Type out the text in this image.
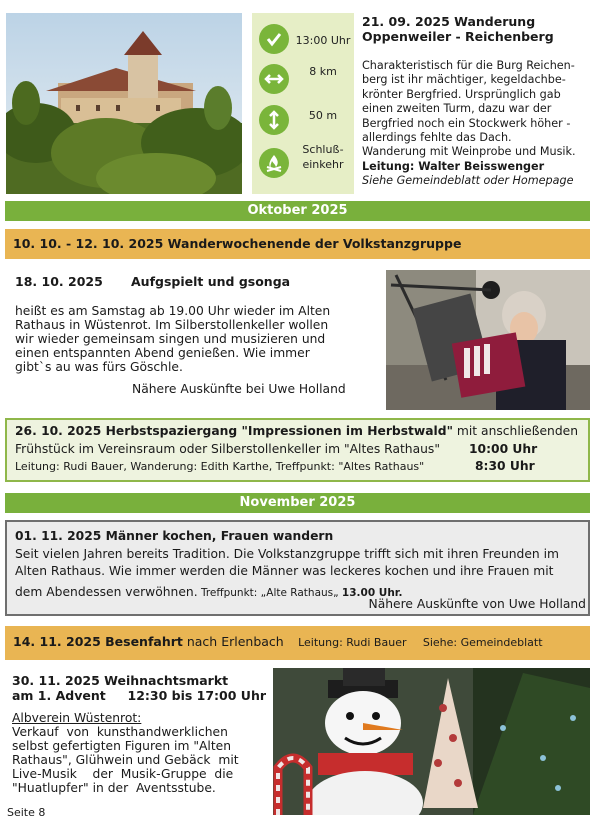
13:00 Uhr
8 km
50 m
Schluß-
einkehr
21. 09. 2025 Wanderung
Oppenweiler - Reichenberg
Charakteristisch für die Burg Reichen-
berg ist ihr mächtiger, kegeldachbe-
krönter Bergfried. Ursprünglich gab
einen zweiten Turm, dazu war der
Bergfried noch ein Stockwerk höher -
allerdings fehlte das Dach.
Wanderung mit Weinprobe und Musik.
Leitung: Walter Beisswenger
Siehe Gemeindeblatt oder Homepage
Oktober 2025
10. 10. - 12. 10. 2025 Wanderwochenende der Volkstanzgruppe
18. 10. 2025 Aufgspielt und gsonga
heißt es am Samstag ab 19.00 Uhr wieder im Alten
Rathaus in Wüstenrot. Im Silberstollenkeller wollen
wir wieder gemeinsam singen und musizieren und
einen entspannten Abend genießen. Wie immer
gibt`s au was fürs Göschle.
Nähere Auskünfte bei Uwe Holland
26. 10. 2025 Herbstspaziergang "Impressionen im Herbstwald" mit anschließenden
Frühstück im Vereinsraum oder Silberstollenkeller im "Altes Rathaus" 10:00 Uhr
Leitung: Rudi Bauer, Wanderung: Edith Karthe, Treffpunkt: "Altes Rathaus"	8:30 Uhr
November 2025
01. 11. 2025 Männer kochen, Frauen wandern
Seit vielen Jahren bereits Tradition. Die Volkstanzgruppe trifft sich mit ihren Freunden im
Alten Rathaus. Wie immer werden die Männer was leckeres kochen und ihre Frauen mit
dem Abendessen verwöhnen. Treffpunkt: „Alte Rathaus„ 13.00 Uhr.
Nähere Auskünfte von Uwe Holland
14. 11. 2025 Besenfahrt nach Erlenbach Leitung: Rudi Bauer Siehe: Gemeindeblatt
30. 11. 2025 Weihnachtsmarkt
am 1. Advent     12:30 bis 17:00 Uhr
Albverein Wüstenrot:
Verkauf  von  kunsthandwerklichen
selbst gefertigten Figuren im "Alten
Rathaus", Glühwein und Gebäck  mit
Live-Musik    der  Musik-Gruppe  die
"Huatlupfer" in der  Aventsstube.
Seite 8
